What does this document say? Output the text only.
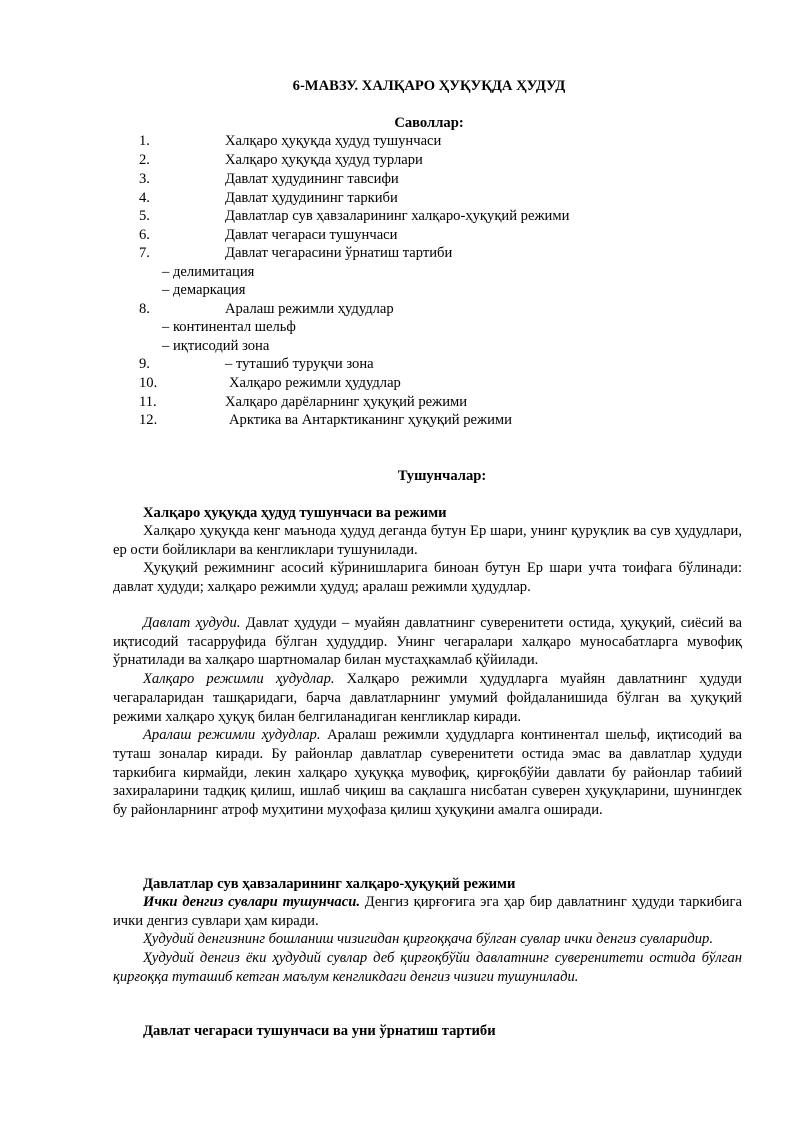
6-МАВЗУ. ХАЛҚАРО ҲУҚУҚДА ҲУДУД
Саволлар:
1.	Халқаро ҳуқуқда ҳудуд тушунчаси
2.	Халқаро ҳуқуқда ҳудуд турлари
3.	Давлат ҳудудининг тавсифи
4.	Давлат ҳудудининг таркиби
5.	Давлатлар сув ҳавзаларининг халқаро-ҳуқуқий режими
6.	Давлат чегараси тушунчаси
7.	Давлат чегарасини ўрнатиш тартиби
– делимитация
– демаркация
8.	Аралаш режимли ҳудудлар
– континентал шельф
– иқтисодий зона
9.	– туташиб туруқчи зона
10.	Халқаро режимли ҳудудлар
11.	Халқаро дарёларнинг ҳуқуқий режими
12.	Арктика ва Антарктиканинг ҳуқуқий режими
Тушунчалар:
Халқаро ҳуқуқда ҳудуд тушунчаси ва режими

Халқаро ҳуқуқда кенг маънода ҳудуд деганда бутун Ер шари, унинг қуруқлик ва сув ҳудудлари, ер ости бойликлари ва кенгликлари тушунилади.

Ҳуқуқий режимнинг асосий кўринишларига биноан бутун Ер шари учта тоифага бўлинади: давлат ҳудуди; халқаро режимли ҳудуд; аралаш режимли ҳудудлар.

Давлат ҳудуди. Давлат ҳудуди – муайян давлатнинг суверенитети остида, ҳуқуқий, сиёсий ва иқтисодий тасарруфида бўлган ҳудуддир. Унинг чегаралари халқаро муносабатларга мувофиқ ўрнатилади ва халқаро шартномалар билан мустаҳкамлаб қўйилади.

Халқаро режимли ҳудудлар. Халқаро режимли ҳудудларга муайян давлатнинг ҳудуди чегараларидан ташқаридаги, барча давлатларнинг умумий фойдаланишида бўлган ва ҳуқуқий режими халқаро ҳуқуқ билан белгиланадиган кенгликлар киради.

Аралаш режимли ҳудудлар. Аралаш режимли ҳудудларга континентал шельф, иқтисодий ва туташ зоналар киради. Бу районлар давлатлар суверенитети остида эмас ва давлатлар ҳудуди таркибига кирмайди, лекин халқаро ҳуқуққа мувофиқ, қирғоқбўйи давлати бу районлар табиий захираларини тадқиқ қилиш, ишлаб чиқиш ва сақлашга нисбатан суверен ҳуқуқларини, шунингдек бу районларнинг атроф муҳитини муҳофаза қилиш ҳуқуқини амалга оширади.

Давлатлар сув ҳавзаларининг халқаро-ҳуқуқий режими

Ички денгиз сувлари тушунчаси. Денгиз қирғоғига эга ҳар бир давлатнинг ҳудуди таркибига ички денгиз сувлари ҳам киради.

Ҳудудий денгизнинг бошланиш чизигидан қирғоққача бўлган сувлар ички денгиз сувларидир.

Ҳудудий денгиз ёки ҳудудий сувлар деб қирғоқбўйи давлатнинг суверенитети остида бўлган қирғоққа туташиб кетган маълум кенгликдаги денгиз чизиги тушунилади.

Давлат чегараси тушунчаси ва уни ўрнатиш тартиби
